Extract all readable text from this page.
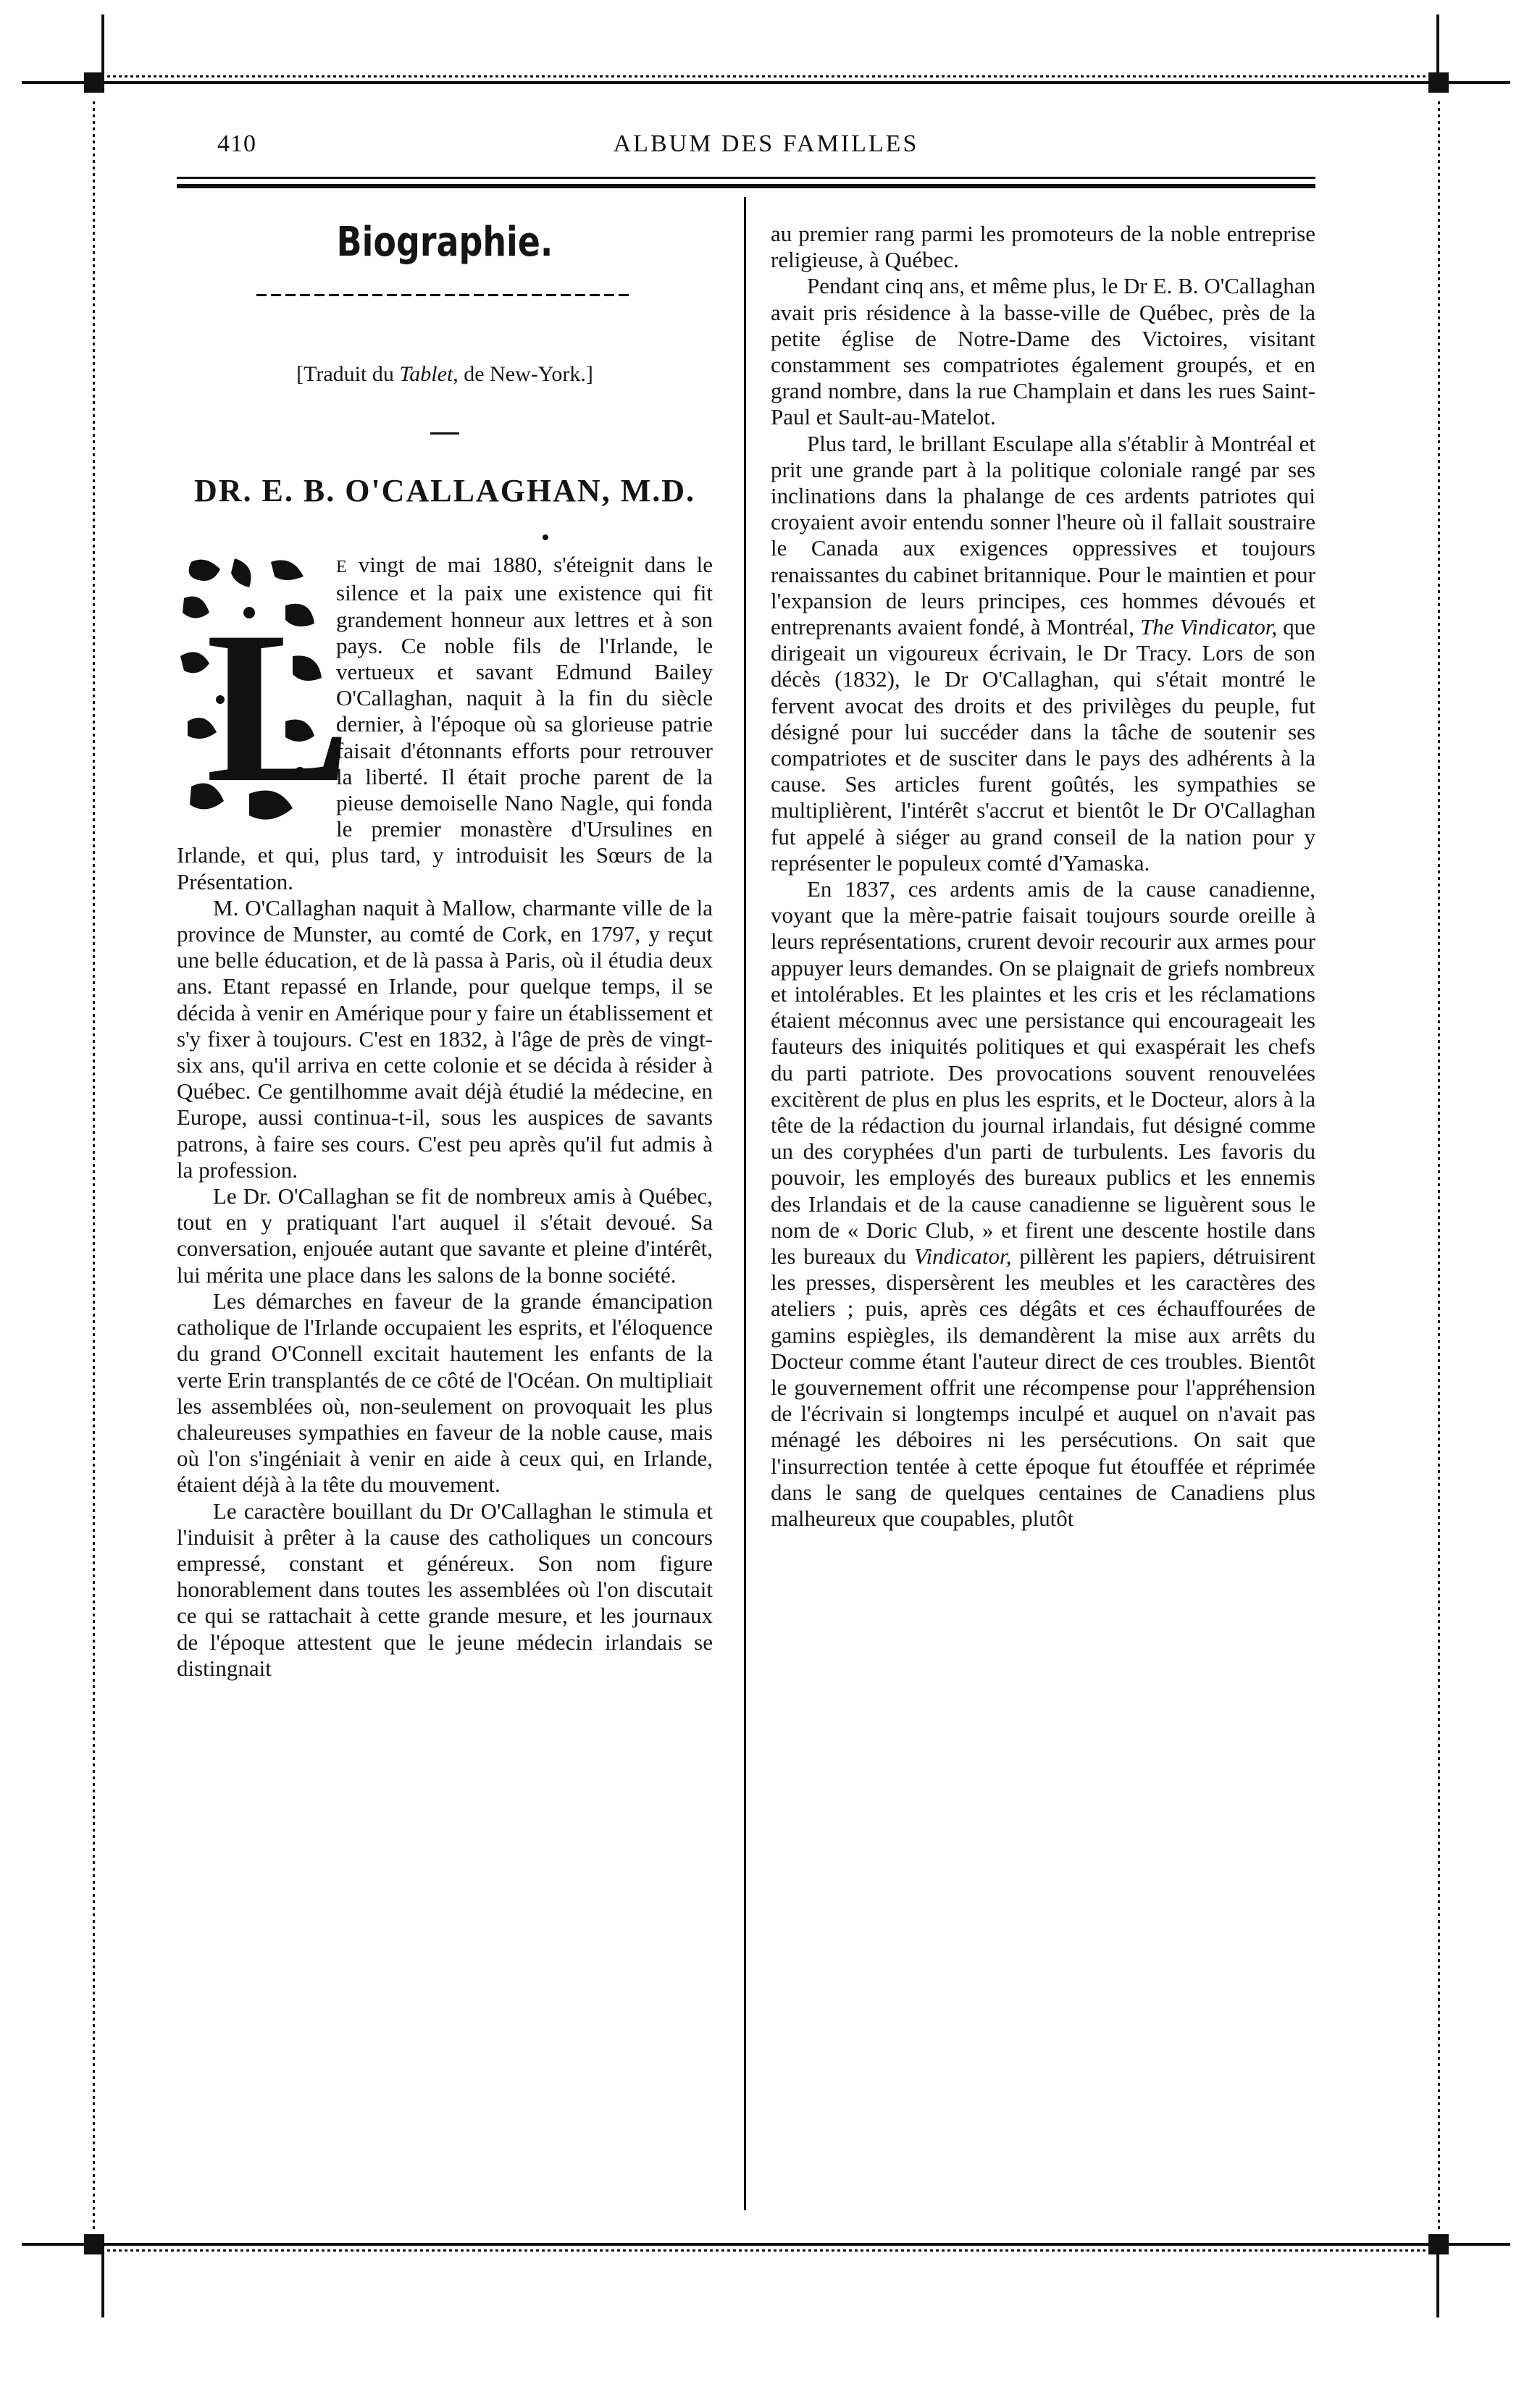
410	ALBUM DES FAMILLES
Biographie.
[Traduit du Tablet, de New-York.]
DR. E. B. O'CALLAGHAN, M.D.
L

E vingt de mai 1880, s'éteignit dans le silence et la paix une existence qui fit grandement honneur aux lettres et à son pays. Ce noble fils de l'Irlande, le vertueux et savant Edmund Bailey O'Callaghan, naquit à la fin du siècle dernier, à l'époque où sa glorieuse patrie faisait d'étonnants efforts pour retrouver la liberté. Il était proche parent de la pieuse demoiselle Nano Nagle, qui fonda le premier monastère d'Ursulines en Irlande, et qui, plus tard, y introduisit les Sœurs de la Présentation.

M. O'Callaghan naquit à Mallow, charmante ville de la province de Munster, au comté de Cork, en 1797, y reçut une belle éducation, et de là passa à Paris, où il étudia deux ans. Etant repassé en Irlande, pour quelque temps, il se décida à venir en Amérique pour y faire un établissement et s'y fixer à toujours. C'est en 1832, à l'âge de près de vingt-six ans, qu'il arriva en cette colonie et se décida à résider à Québec. Ce gentilhomme avait déjà étudié la médecine, en Europe, aussi continua-t-il, sous les auspices de savants patrons, à faire ses cours. C'est peu après qu'il fut admis à la profession.

Le Dr. O'Callaghan se fit de nombreux amis à Québec, tout en y pratiquant l'art auquel il s'était devoué. Sa conversation, enjouée autant que savante et pleine d'intérêt, lui mérita une place dans les salons de la bonne société.

Les démarches en faveur de la grande émancipation catholique de l'Irlande occupaient les esprits, et l'éloquence du grand O'Connell excitait hautement les enfants de la verte Erin transplantés de ce côté de l'Océan. On multipliait les assemblées où, non-seulement on provoquait les plus chaleureuses sympathies en faveur de la noble cause, mais où l'on s'ingéniait à venir en aide à ceux qui, en Irlande, étaient déjà à la tête du mouvement.

Le caractère bouillant du Dr O'Callaghan le stimula et l'induisit à prêter à la cause des catholiques un concours empressé, constant et généreux. Son nom figure honorablement dans toutes les assemblées où l'on discutait ce qui se rattachait à cette grande mesure, et les journaux de l'époque attestent que le jeune médecin irlandais se distingnait

au premier rang parmi les promoteurs de la noble entreprise religieuse, à Québec.

Pendant cinq ans, et même plus, le Dr E. B. O'Callaghan avait pris résidence à la basse-ville de Québec, près de la petite église de Notre-Dame des Victoires, visitant constamment ses compatriotes également groupés, et en grand nombre, dans la rue Champlain et dans les rues Saint-Paul et Sault-au-Matelot.

Plus tard, le brillant Esculape alla s'établir à Montréal et prit une grande part à la politique coloniale rangé par ses inclinations dans la phalange de ces ardents patriotes qui croyaient avoir entendu sonner l'heure où il fallait soustraire le Canada aux exigences oppressives et toujours renaissantes du cabinet britannique. Pour le maintien et pour l'expansion de leurs principes, ces hommes dévoués et entreprenants avaient fondé, à Montréal, The Vindicator, que dirigeait un vigoureux écrivain, le Dr Tracy. Lors de son décès (1832), le Dr O'Callaghan, qui s'était montré le fervent avocat des droits et des privilèges du peuple, fut désigné pour lui succéder dans la tâche de soutenir ses compatriotes et de susciter dans le pays des adhérents à la cause. Ses articles furent goûtés, les sympathies se multiplièrent, l'intérêt s'accrut et bientôt le Dr O'Callaghan fut appelé à siéger au grand conseil de la nation pour y représenter le populeux comté d'Yamaska.

En 1837, ces ardents amis de la cause canadienne, voyant que la mère-patrie faisait toujours sourde oreille à leurs représentations, crurent devoir recourir aux armes pour appuyer leurs demandes. On se plaignait de griefs nombreux et intolérables. Et les plaintes et les cris et les réclamations étaient méconnus avec une persistance qui encourageait les fauteurs des iniquités politiques et qui exaspérait les chefs du parti patriote. Des provocations souvent renouvelées excitèrent de plus en plus les esprits, et le Docteur, alors à la tête de la rédaction du journal irlandais, fut désigné comme un des coryphées d'un parti de turbulents. Les favoris du pouvoir, les employés des bureaux publics et les ennemis des Irlandais et de la cause canadienne se liguèrent sous le nom de « Doric Club, » et firent une descente hostile dans les bureaux du Vindicator, pillèrent les papiers, détruisirent les presses, dispersèrent les meubles et les caractères des ateliers ; puis, après ces dégâts et ces échauffourées de gamins espiègles, ils demandèrent la mise aux arrêts du Docteur comme étant l'auteur direct de ces troubles. Bientôt le gouvernement offrit une récompense pour l'appréhension de l'écrivain si longtemps inculpé et auquel on n'avait pas ménagé les déboires ni les persécutions. On sait que l'insurrection tentée à cette époque fut étouffée et réprimée dans le sang de quelques centaines de Canadiens plus malheureux que coupables, plutôt
